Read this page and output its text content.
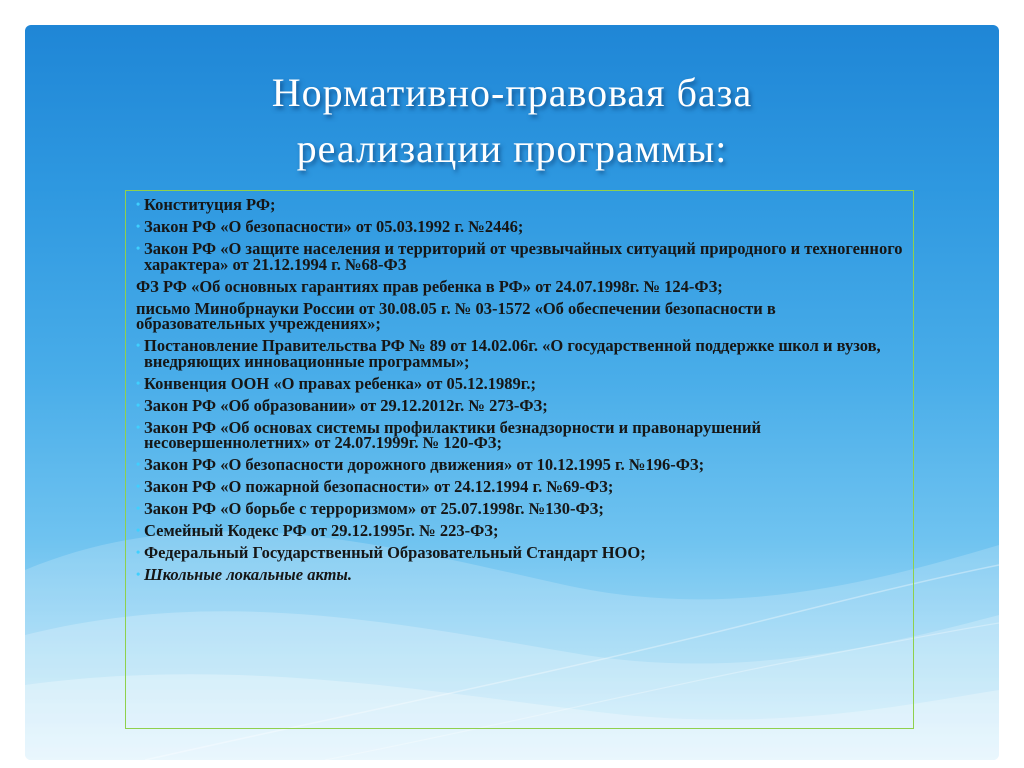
Нормативно-правовая база
реализации программы:
• Конституция РФ;
• Закон РФ «О безопасности» от 05.03.1992 г. №2446;
• Закон РФ «О защите населения и территорий от чрезвычайных ситуаций природного и техногенного характера» от 21.12.1994 г. №68-ФЗ
ФЗ РФ «Об основных гарантиях прав ребенка в РФ» от 24.07.1998г. № 124-ФЗ;
письмо Минобрнауки России от 30.08.05 г. № 03-1572 «Об обеспечении безопасности в образовательных учреждениях»;
• Постановление Правительства РФ № 89 от 14.02.06г. «О государственной поддержке школ и вузов, внедряющих инновационные программы»;
• Конвенция ООН «О правах ребенка» от 05.12.1989г.;
• Закон РФ «Об образовании» от 29.12.2012г. № 273-ФЗ;
• Закон РФ «Об основах системы профилактики безнадзорности и правонарушений несовершеннолетних» от 24.07.1999г. № 120-ФЗ;
• Закон РФ «О безопасности дорожного движения» от 10.12.1995 г. №196-ФЗ;
• Закон РФ «О пожарной безопасности» от 24.12.1994 г. №69-ФЗ;
• Закон РФ «О борьбе с терроризмом» от 25.07.1998г. №130-ФЗ;
• Семейный Кодекс РФ от 29.12.1995г. № 223-ФЗ;
• Федеральный Государственный Образовательный Стандарт НОО;
• Школьные локальные акты.
